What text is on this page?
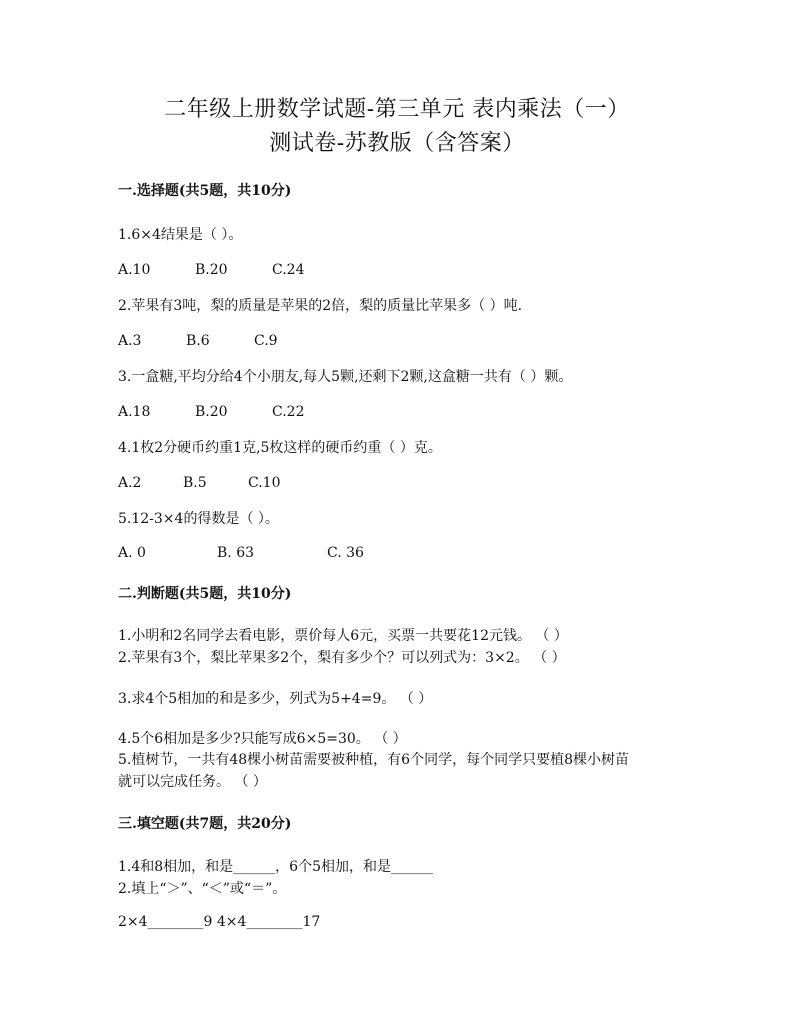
二年级上册数学试题-第三单元 表内乘法（一）
测试卷-苏教版（含答案）
一.选择题(共5题，共10分)
1.6×4结果是（ ）。
A.10	B.20	C.24
2.苹果有3吨，梨的质量是苹果的2倍，梨的质量比苹果多（ ）吨.
A.3	B.6	C.9
3.一盒糖,平均分给4个小朋友,每人5颗,还剩下2颗,这盒糖一共有（ ）颗。
A.18	B.20	C.22
4.1枚2分硬币约重1克,5枚这样的硬币约重（ ）克。
A.2	B.5	C.10
5.12-3×4的得数是（ ）。
A. 0	B. 63	C. 36
二.判断题(共5题，共10分)
1.小明和2名同学去看电影，票价每人6元，买票一共要花12元钱。 （ ）
2.苹果有3个，梨比苹果多2个，梨有多少个？可以列式为：3×2。 （ ）
3.求4个5相加的和是多少，列式为5+4=9。 （ ）
4.5个6相加是多少?只能写成6×5=30。 （ ）
5.植树节，一共有48棵小树苗需要被种植，有6个同学，每个同学只要植8棵小树苗
就可以完成任务。 （ ）
三.填空题(共7题，共20分)
1.4和8相加，和是______，6个5相加，和是______
2.填上“＞”、“＜”或“＝”。
2×4________9 4×4________17
